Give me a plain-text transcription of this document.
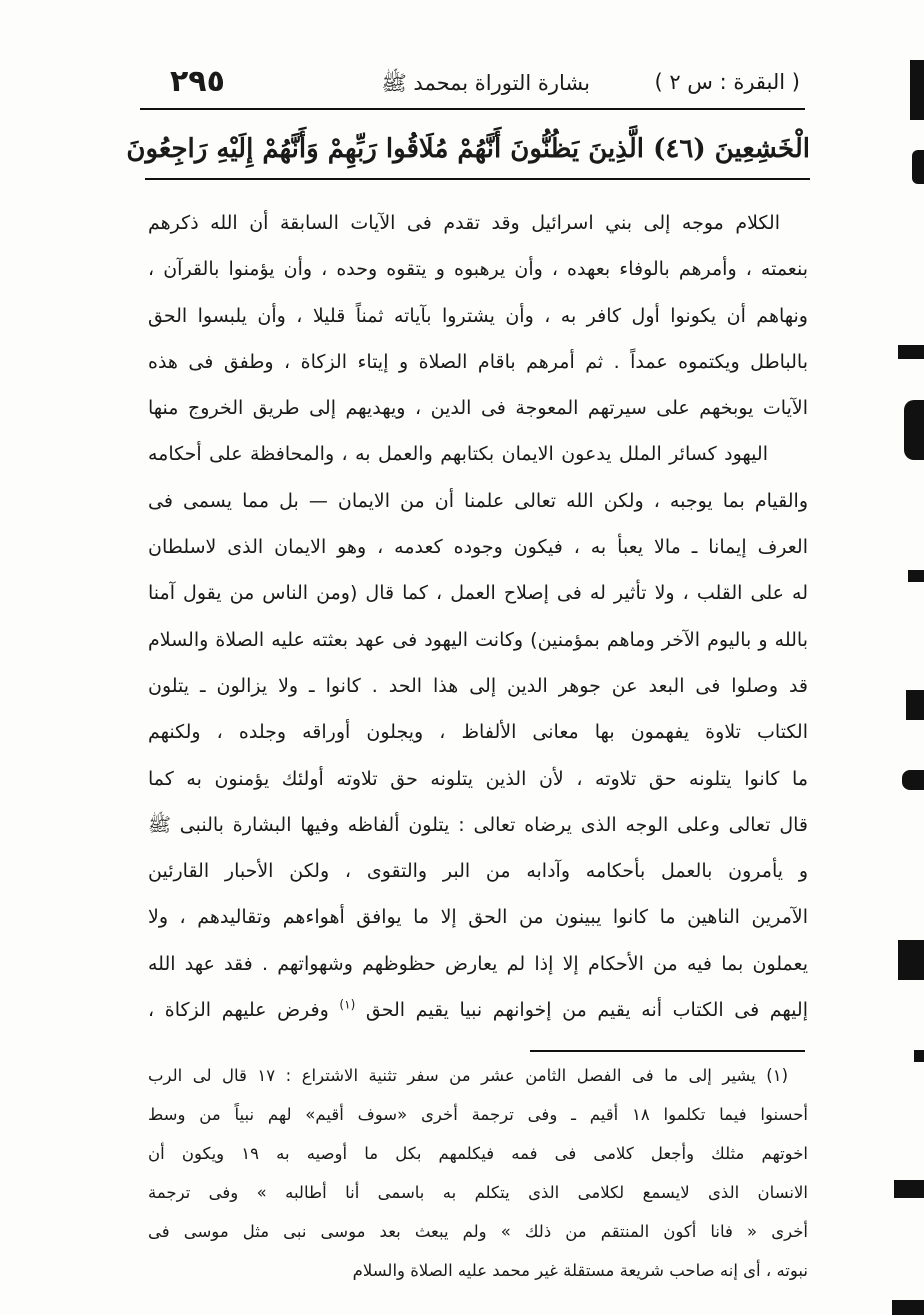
( البقرة : س ٢ )
بشارة التوراة بمحمد ﷺ
٢٩٥
الْخَشِعِينَ (٤٦) الَّذِينَ يَظُنُّونَ أَنَّهُمْ مُلَاقُوا رَبِّهِمْ وَأَنَّهُمْ إِلَيْهِ رَاجِعُونَ
الكلام موجه إلى بني اسرائيل وقد تقدم فى الآيات السابقة أن الله ذكرهم
بنعمته ، وأمرهم بالوفاء بعهده ، وأن يرهبوه و يتقوه وحده ، وأن يؤمنوا بالقرآن ،
ونهاهم أن يكونوا أول كافر به ، وأن يشتروا بآياته ثمناً قليلا ، وأن يلبسوا الحق
بالباطل ويكتموه عمداً . ثم أمرهم باقام الصلاة و إيتاء الزكاة ، وطفق فى هذه
الآيات يوبخهم على سيرتهم المعوجة فى الدين ، ويهديهم إلى طريق الخروج منها
اليهود كسائر الملل يدعون الايمان بكتابهم والعمل به ، والمحافظة على أحكامه
والقيام بما يوجبه ، ولكن الله تعالى علمنا أن من الايمان — بل مما يسمى فى
العرف إيمانا ـ مالا يعبأ به ، فيكون وجوده كعدمه ، وهو الايمان الذى لاسلطان
له على القلب ، ولا تأثير له فى إصلاح العمل ، كما قال (ومن الناس من يقول آمنا
بالله و باليوم الآخر وماهم بمؤمنين) وكانت اليهود فى عهد بعثته عليه الصلاة والسلام
قد وصلوا فى البعد عن جوهر الدين إلى هذا الحد . كانوا ـ ولا يزالون ـ يتلون
الكتاب تلاوة يفهمون بها معانى الألفاظ ، ويجلون أوراقه وجلده ، ولكنهم
ما كانوا يتلونه حق تلاوته ، لأن الذين يتلونه حق تلاوته أولئك يؤمنون به كما
قال تعالى وعلى الوجه الذى يرضاه تعالى : يتلون ألفاظه وفيها البشارة بالنبى ﷺ
و يأمرون بالعمل بأحكامه وآدابه من البر والتقوى ، ولكن الأحبار القارئين
الآمرين الناهين ما كانوا يبينون من الحق إلا ما يوافق أهواءهم وتقاليدهم ، ولا
يعملون بما فيه من الأحكام إلا إذا لم يعارض حظوظهم وشهواتهم . فقد عهد الله
إليهم فى الكتاب أنه يقيم من إخوانهم نبيا يقيم الحق $^{(١)}$ وفرض عليهم الزكاة ،
(١) يشير إلى ما فى الفصل الثامن عشر من سفر تثنية الاشتراع : ١٧ قال لى الرب
أحسنوا فيما تكلموا ١٨ أقيم ـ وفى ترجمة أخرى «سوف أقيم» لهم نبياً من وسط
اخوتهم مثلك وأجعل كلامى فى فمه فيكلمهم بكل ما أوصيه به ١٩ ويكون أن
الانسان الذى لايسمع لكلامى الذى يتكلم به باسمى أنا أطالبه » وفى ترجمة
أخرى « فانا أكون المنتقم من ذلك » ولم يبعث بعد موسى نبى مثل موسى فى
نبوته ، أى إنه صاحب شريعة مستقلة غير محمد عليه الصلاة والسلام
